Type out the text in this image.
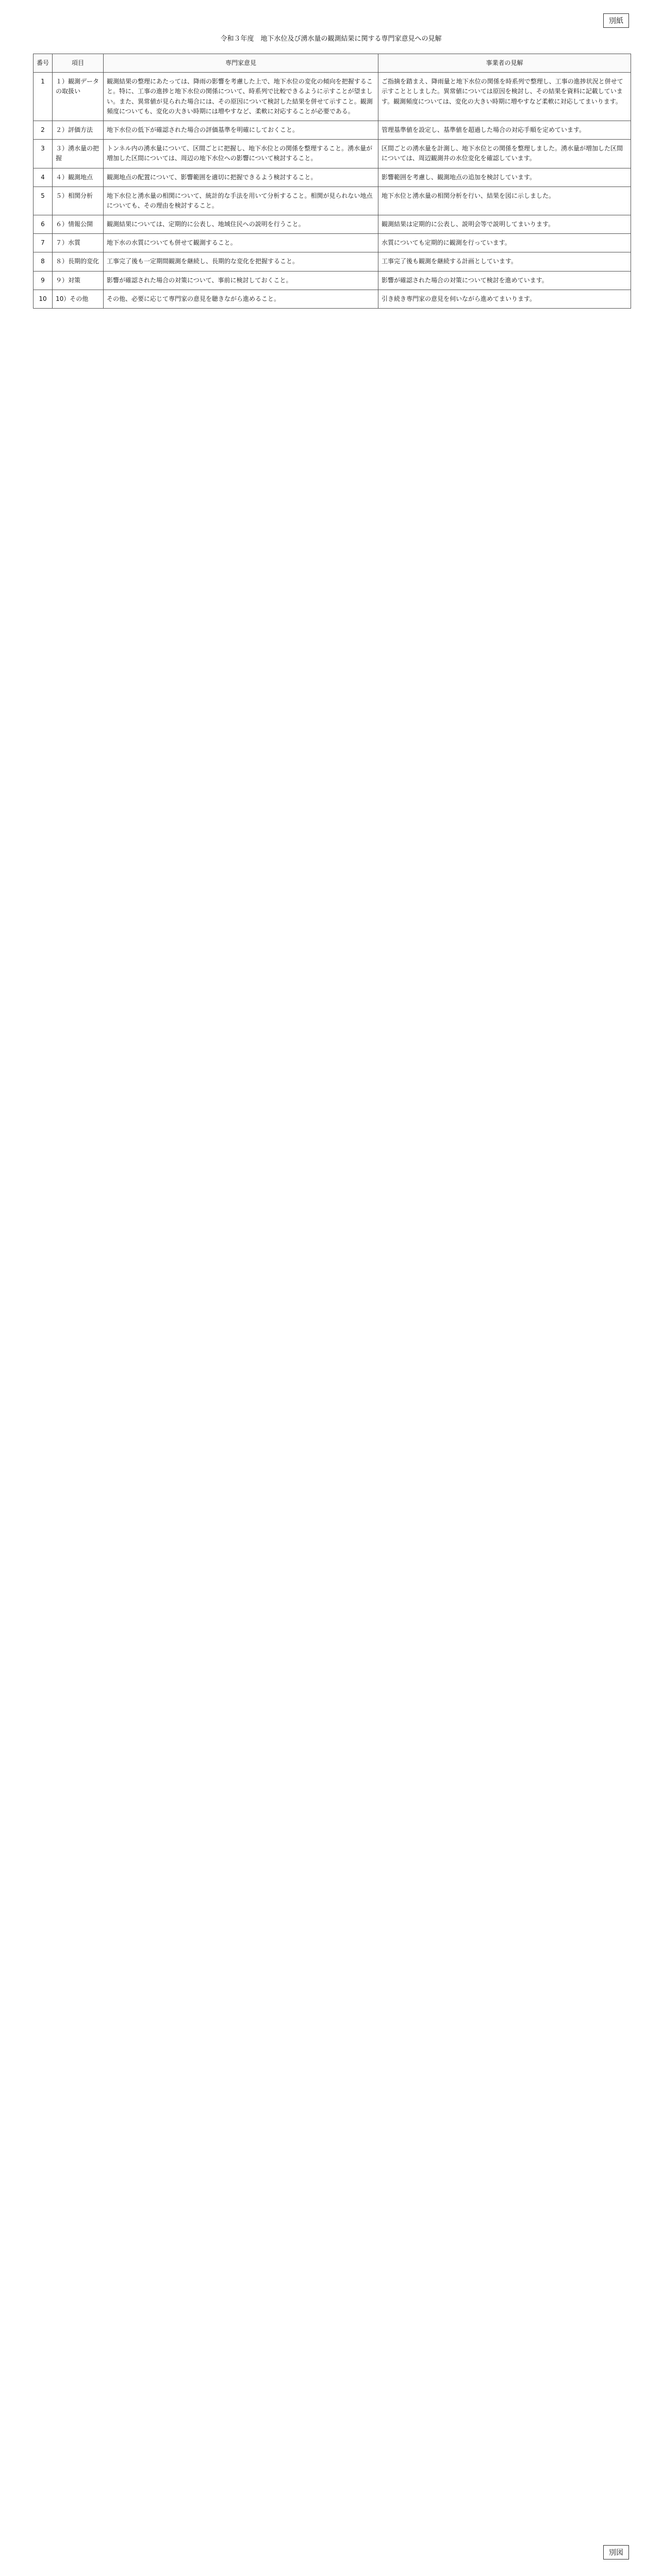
別紙
令和３年度　地下水位及び湧水量の観測結果に関する専門家意見への見解
番号	項目	専門家意見	事業者の見解
1	１）観測データの取扱い	観測結果の整理にあたっては、降雨の影響を考慮した上で、地下水位の変化の傾向を把握すること。特に、工事の進捗と地下水位の関係について、時系列で比較できるように示すことが望ましい。また、異常値が見られた場合には、その原因について検討した結果を併せて示すこと。観測頻度についても、変化の大きい時期には増やすなど、柔軟に対応することが必要である。	ご指摘を踏まえ、降雨量と地下水位の関係を時系列で整理し、工事の進捗状況と併せて示すこととしました。異常値については原因を検討し、その結果を資料に記載しています。観測頻度については、変化の大きい時期に増やすなど柔軟に対応してまいります。
2	２）評価方法	地下水位の低下が確認された場合の評価基準を明確にしておくこと。	管理基準値を設定し、基準値を超過した場合の対応手順を定めています。
3	３）湧水量の把握	トンネル内の湧水量について、区間ごとに把握し、地下水位との関係を整理すること。湧水量が増加した区間については、周辺の地下水位への影響について検討すること。	区間ごとの湧水量を計測し、地下水位との関係を整理しました。湧水量が増加した区間については、周辺観測井の水位変化を確認しています。
4	４）観測地点	観測地点の配置について、影響範囲を適切に把握できるよう検討すること。	影響範囲を考慮し、観測地点の追加を検討しています。
5	５）相関分析	地下水位と湧水量の相関について、統計的な手法を用いて分析すること。相関が見られない地点についても、その理由を検討すること。	地下水位と湧水量の相関分析を行い、結果を図に示しました。
6	６）情報公開	観測結果については、定期的に公表し、地域住民への説明を行うこと。	観測結果は定期的に公表し、説明会等で説明してまいります。
7	７）水質	地下水の水質についても併せて観測すること。	水質についても定期的に観測を行っています。
8	８）長期的変化	工事完了後も一定期間観測を継続し、長期的な変化を把握すること。	工事完了後も観測を継続する計画としています。
9	９）対策	影響が確認された場合の対策について、事前に検討しておくこと。	影響が確認された場合の対策について検討を進めています。
10	10）その他	その他、必要に応じて専門家の意見を聴きながら進めること。	引き続き専門家の意見を伺いながら進めてまいります。
別図
